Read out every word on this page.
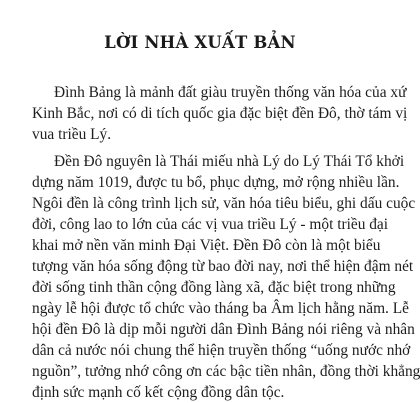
LỜI NHÀ XUẤT BẢN
Đình Bảng là mảnh đất giàu truyền thống văn hóa của xứ
Kinh Bắc, nơi có di tích quốc gia đặc biệt đền Đô, thờ tám vị
vua triều Lý.
Đền Đô nguyên là Thái miếu nhà Lý do Lý Thái Tổ khởi
dựng năm 1019, được tu bổ, phục dựng, mở rộng nhiều lần.
Ngôi đền là công trình lịch sử, văn hóa tiêu biểu, ghi dấu cuộc
đời, công lao to lớn của các vị vua triều Lý - một triều đại
khai mở nền văn minh Đại Việt. Đền Đô còn là một biểu
tượng văn hóa sống động từ bao đời nay, nơi thể hiện đậm nét
đời sống tinh thần cộng đồng làng xã, đặc biệt trong những
ngày lễ hội được tổ chức vào tháng ba Âm lịch hằng năm. Lễ
hội đền Đô là dịp mỗi người dân Đình Bảng nói riêng và nhân
dân cả nước nói chung thể hiện truyền thống “uống nước nhớ
nguồn”, tưởng nhớ công ơn các bậc tiền nhân, đồng thời khẳng
định sức mạnh cố kết cộng đồng dân tộc.
